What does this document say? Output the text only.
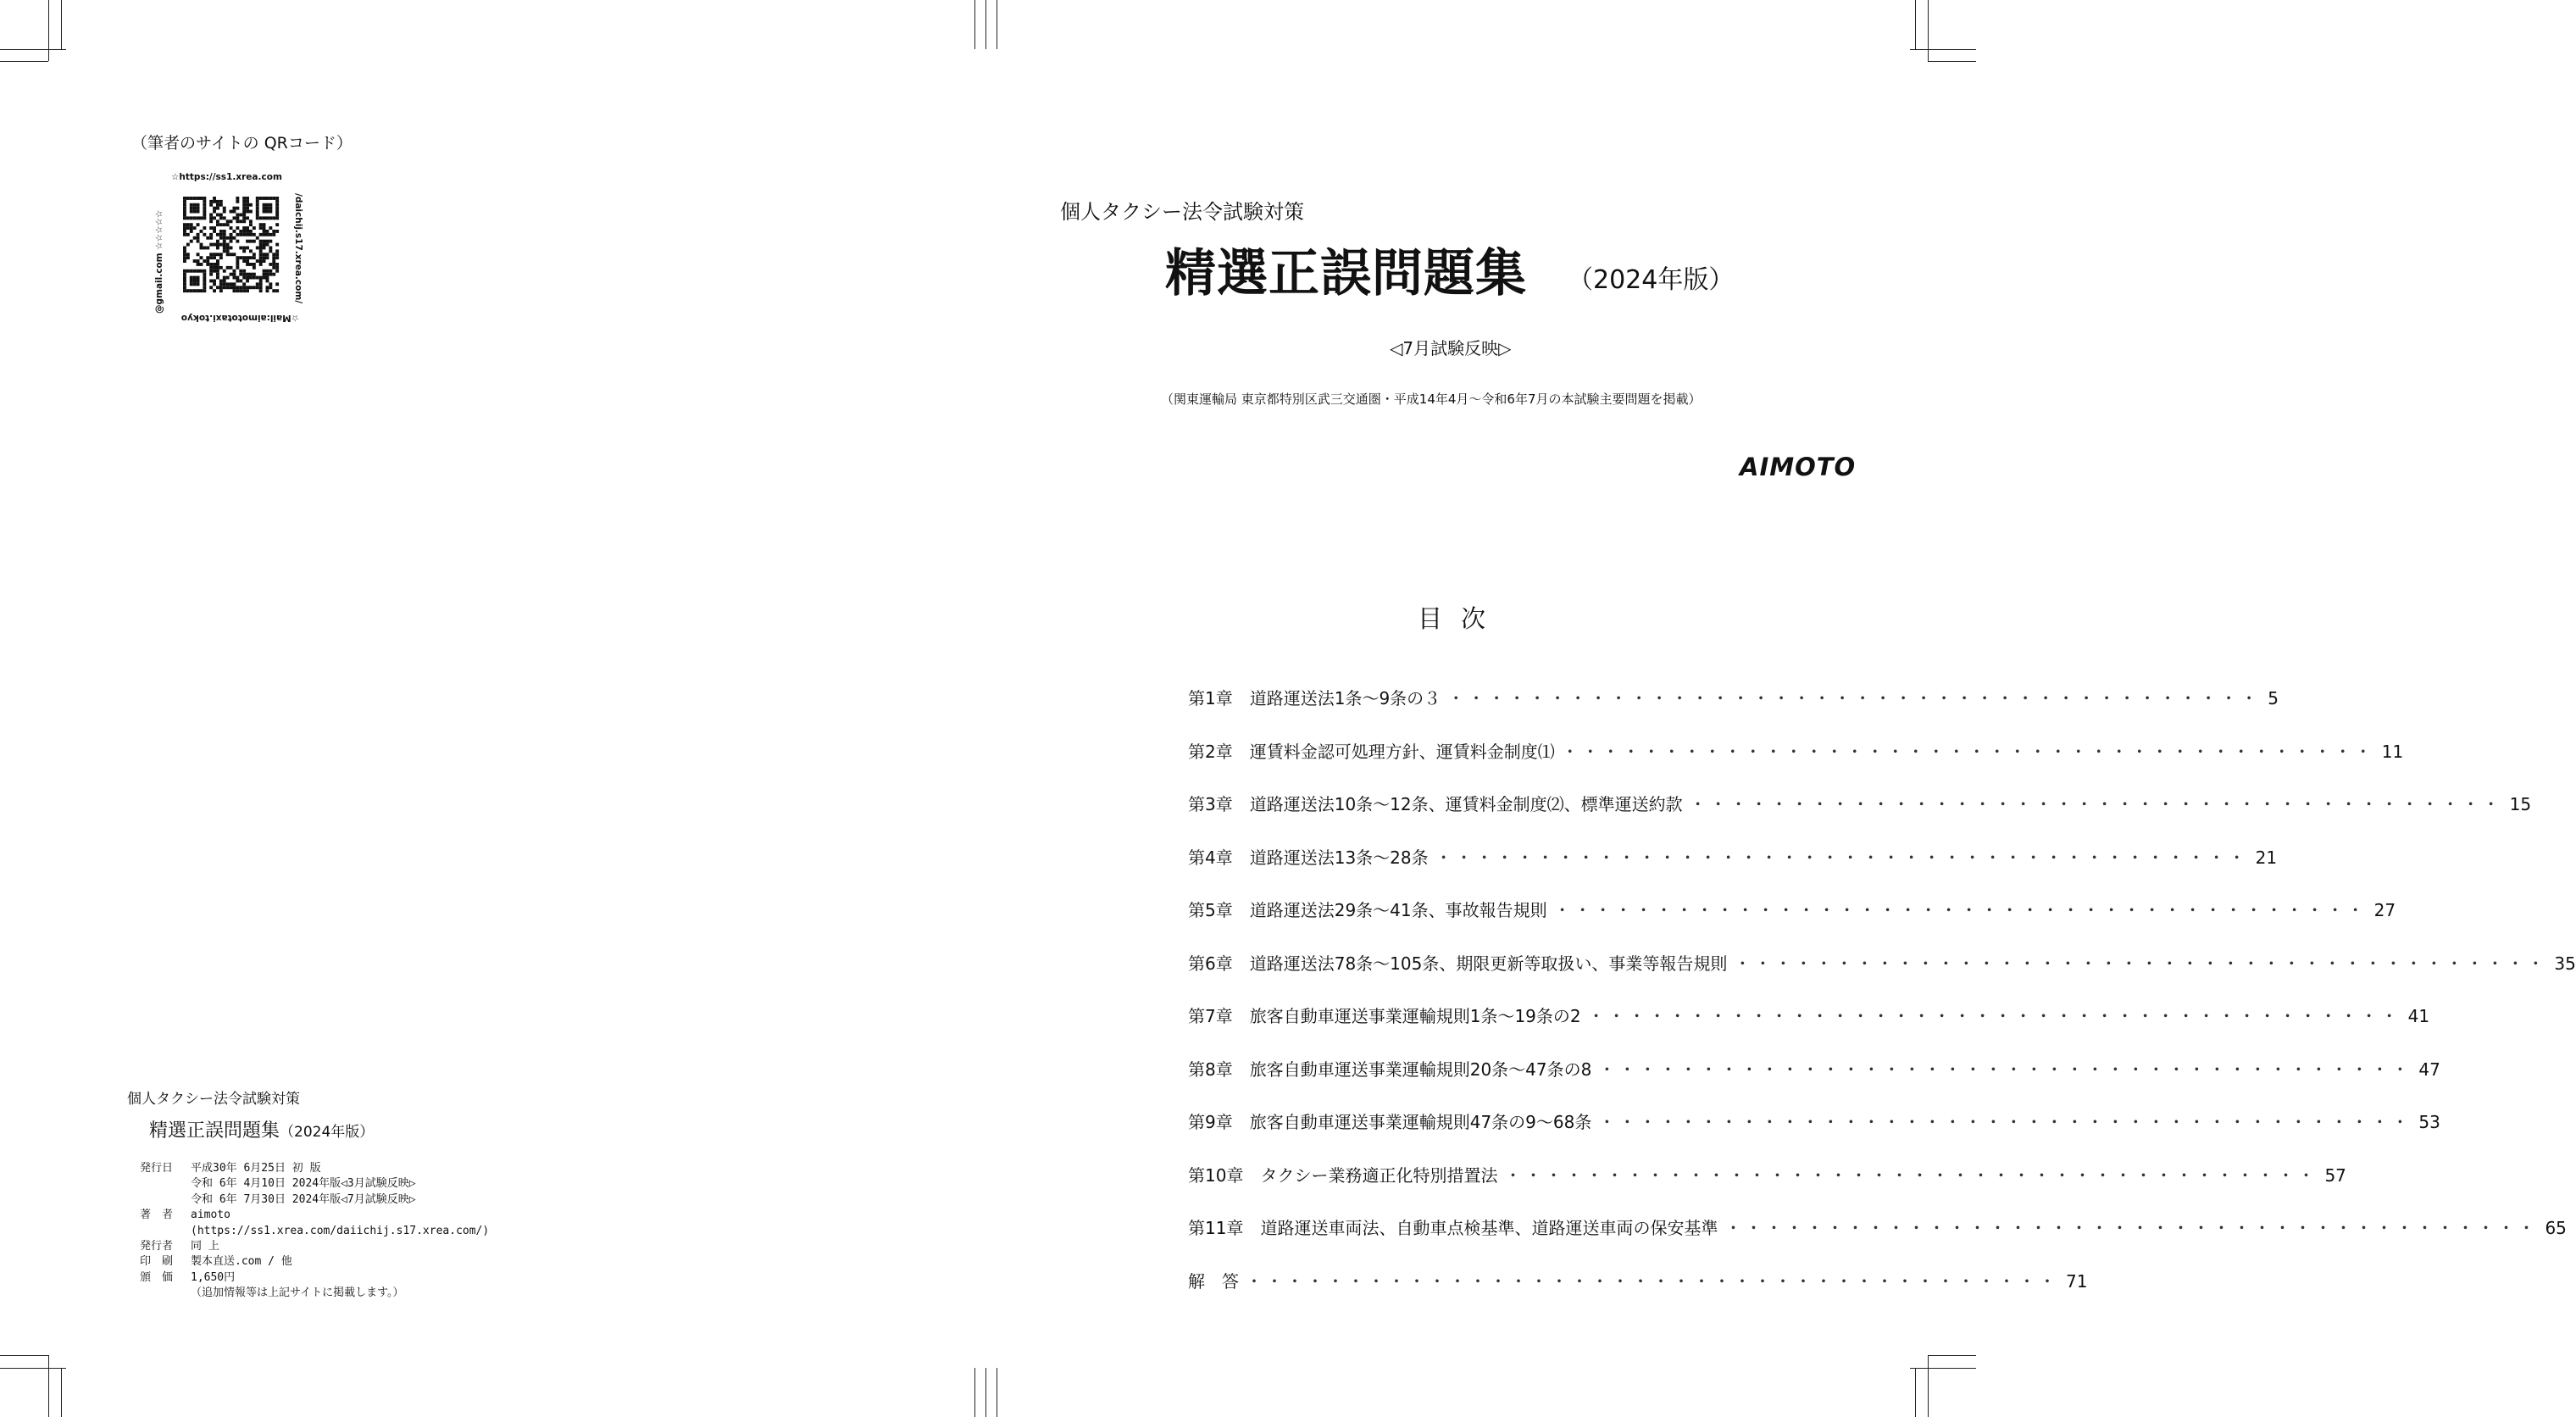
（筆者のサイトの QRコード）
☆https://ss1.xrea.com
/daichij.s17.xrea.com/
☆Mail:aimototaxi.tokyo
@gmail.com ☆☆☆☆☆
個人タクシー法令試験対策
精選正誤問題集（2024年版）
発行日	平成30年 6月25日 初 版
令和 6年 4月10日 2024年版◁3月試験反映▷
令和 6年 7月30日 2024年版◁7月試験反映▷
著　者	aimoto
(https://ss1.xrea.com/daiichij.s17.xrea.com/)
発行者	同 上
印　刷	製本直送.com / 他
頒　価	1,650円
（追加情報等は上記サイトに掲載します。）
個人タクシー法令試験対策
精選正誤問題集 （2024年版）
◁7月試験反映▷
（関東運輸局 東京都特別区武三交通圏・平成14年4月～令和6年7月の本試験主要問題を掲載）
AIMOTO
目次
第1章 道路運送法1条～9条の３ ・・・・・・・・・・・・・・・・・・・・・・・・・・・・・・・・・・・・・・・・ 5
第2章 運賃料金認可処理方針、運賃料金制度⑴ ・・・・・・・・・・・・・・・・・・・・・・・・・・・・・・・・・・・・・・・・ 11
第3章 道路運送法10条～12条、運賃料金制度⑵、標準運送約款 ・・・・・・・・・・・・・・・・・・・・・・・・・・・・・・・・・・・・・・・・ 15
第4章 道路運送法13条～28条 ・・・・・・・・・・・・・・・・・・・・・・・・・・・・・・・・・・・・・・・・ 21
第5章 道路運送法29条～41条、事故報告規則 ・・・・・・・・・・・・・・・・・・・・・・・・・・・・・・・・・・・・・・・・ 27
第6章 道路運送法78条～105条、期限更新等取扱い、事業等報告規則 ・・・・・・・・・・・・・・・・・・・・・・・・・・・・・・・・・・・・・・・・ 35
第7章 旅客自動車運送事業運輸規則1条～19条の2 ・・・・・・・・・・・・・・・・・・・・・・・・・・・・・・・・・・・・・・・・ 41
第8章 旅客自動車運送事業運輸規則20条～47条の8 ・・・・・・・・・・・・・・・・・・・・・・・・・・・・・・・・・・・・・・・・ 47
第9章 旅客自動車運送事業運輸規則47条の9～68条 ・・・・・・・・・・・・・・・・・・・・・・・・・・・・・・・・・・・・・・・・ 53
第10章 タクシー業務適正化特別措置法 ・・・・・・・・・・・・・・・・・・・・・・・・・・・・・・・・・・・・・・・・ 57
第11章 道路運送車両法、自動車点検基準、道路運送車両の保安基準 ・・・・・・・・・・・・・・・・・・・・・・・・・・・・・・・・・・・・・・・・ 65
解　答 ・・・・・・・・・・・・・・・・・・・・・・・・・・・・・・・・・・・・・・・・ 71
